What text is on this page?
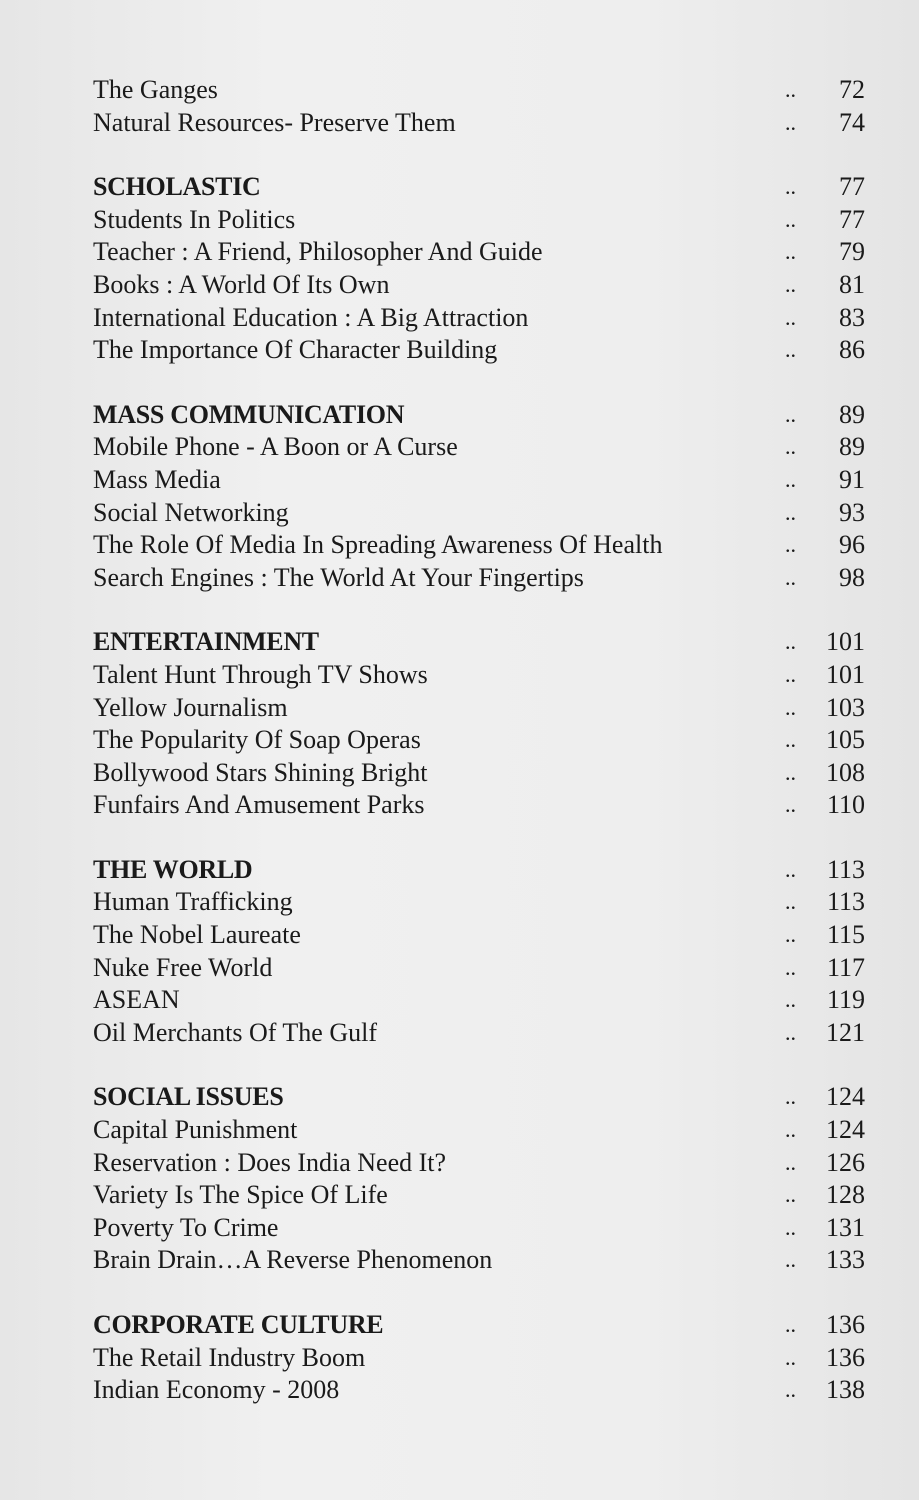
The Ganges	..	72
Natural Resources- Preserve Them	..	74
SCHOLASTIC	..	77
Students In Politics	..	77
Teacher : A Friend, Philosopher And Guide	..	79
Books : A World Of Its Own	..	81
International Education : A Big Attraction	..	83
The Importance Of Character Building	..	86
MASS COMMUNICATION	..	89
Mobile Phone - A Boon or A Curse	..	89
Mass Media	..	91
Social Networking	..	93
The Role Of Media In Spreading Awareness Of Health	..	96
Search Engines : The World At Your Fingertips	..	98
ENTERTAINMENT	..	101
Talent Hunt Through TV Shows	..	101
Yellow Journalism	..	103
The Popularity Of Soap Operas	..	105
Bollywood Stars Shining Bright	..	108
Funfairs And Amusement Parks	..	110
THE WORLD	..	113
Human Trafficking	..	113
The Nobel Laureate	..	115
Nuke Free World	..	117
ASEAN	..	119
Oil Merchants Of The Gulf	..	121
SOCIAL ISSUES	..	124
Capital Punishment	..	124
Reservation : Does India Need It?	..	126
Variety Is The Spice Of Life	..	128
Poverty To Crime	..	131
Brain Drain…A Reverse Phenomenon	..	133
CORPORATE CULTURE	..	136
The Retail Industry Boom	..	136
Indian Economy - 2008	..	138
